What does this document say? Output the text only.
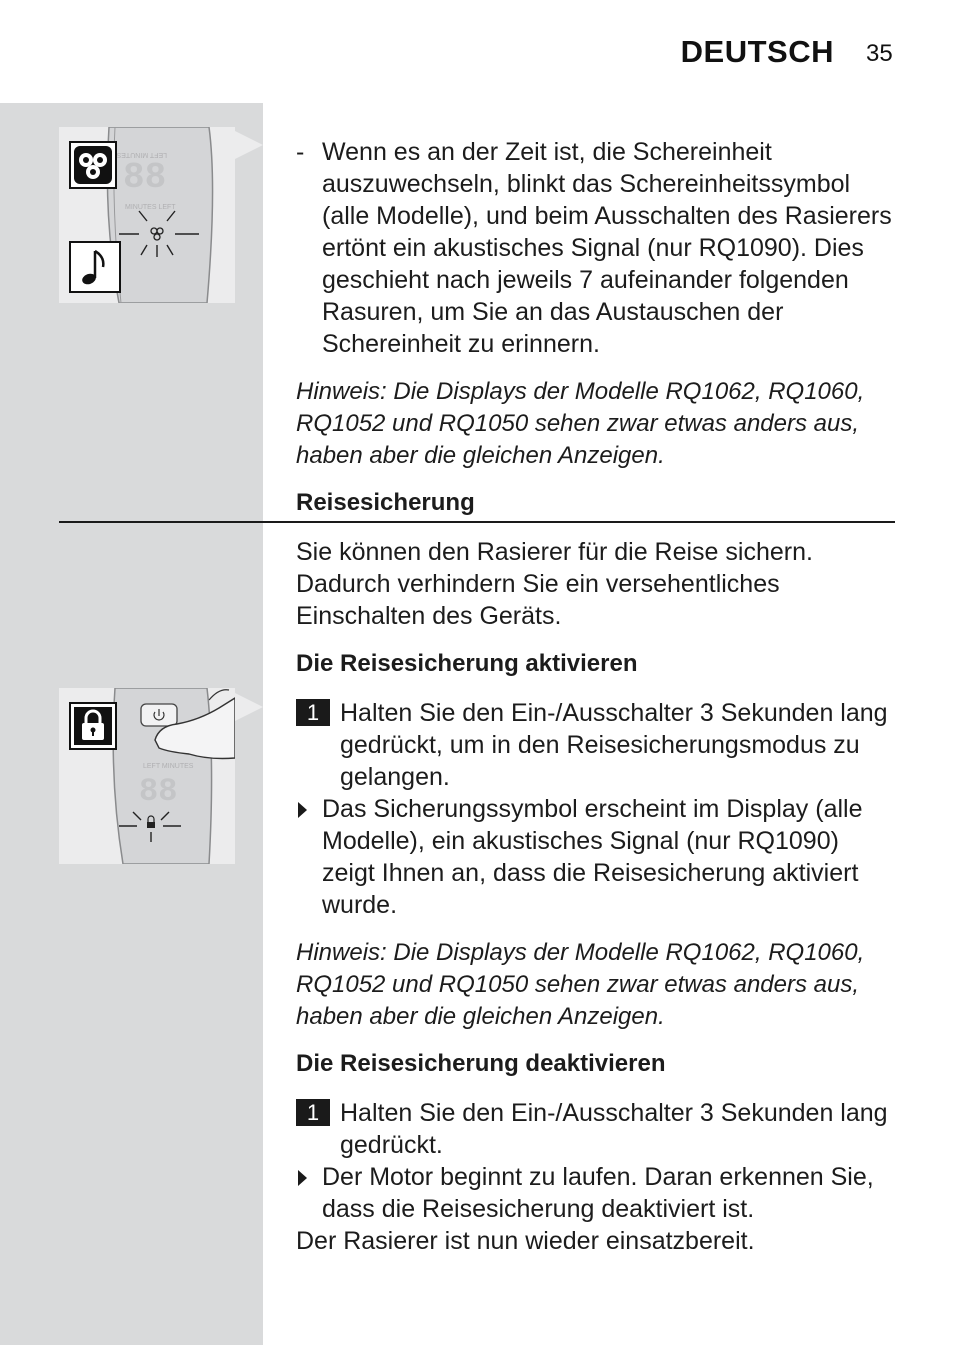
DEUTSCH 35
LEFT MINUTES
88
MINUTES LEFT
LEFT MINUTES
88

- Wenn es an der Zeit ist, die Schereinheit auszuwechseln, blinkt das Schereinheitssymbol (alle Modelle), und beim Ausschalten des Rasierers ertönt ein akustisches Signal (nur RQ1090). Dies geschieht nach jeweils 7 aufeinander folgenden Rasuren, um Sie an das Austauschen der Schereinheit zu erinnern.

Hinweis: Die Displays der Modelle RQ1062, RQ1060, RQ1052 und RQ1050 sehen zwar etwas anders aus, haben aber die gleichen Anzeigen.
Reisesicherung
Sie können den Rasierer für die Reise sichern. Dadurch verhindern Sie ein versehentliches Einschalten des Geräts.
Die Reisesicherung aktivieren

1 Halten Sie den Ein-/Ausschalter 3 Sekunden lang gedrückt, um in den Reisesicherungsmodus zu gelangen.

Das Sicherungssymbol erscheint im Display (alle Modelle), ein akustisches Signal (nur RQ1090) zeigt Ihnen an, dass die Reisesicherung aktiviert wurde.

Hinweis: Die Displays der Modelle RQ1062, RQ1060, RQ1052 und RQ1050 sehen zwar etwas anders aus, haben aber die gleichen Anzeigen.
Die Reisesicherung deaktivieren

1 Halten Sie den Ein-/Ausschalter 3 Sekunden lang gedrückt.

Der Motor beginnt zu laufen. Daran erkennen Sie, dass die Reisesicherung deaktiviert ist.

Der Rasierer ist nun wieder einsatzbereit.
